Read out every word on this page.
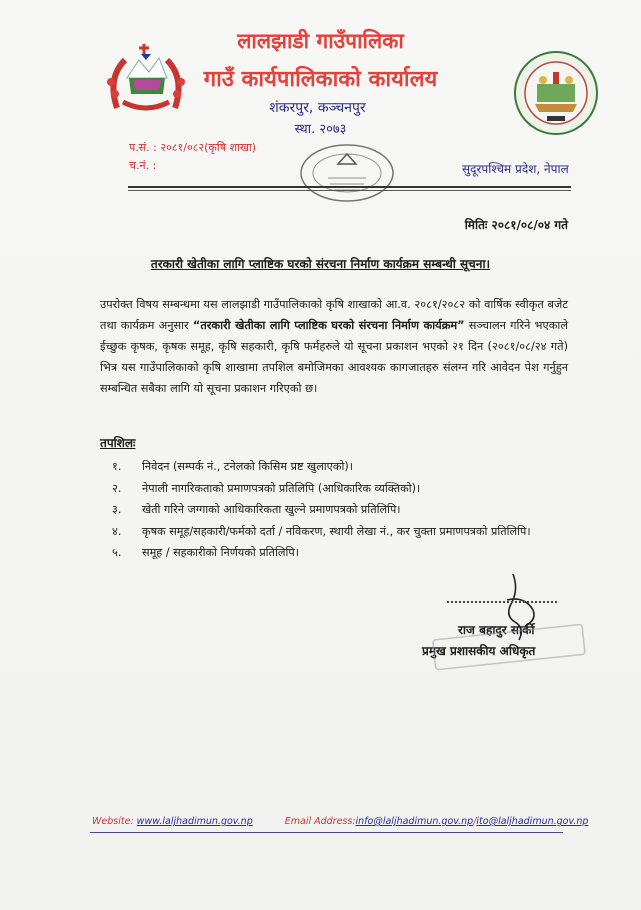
लालझाडी गाउँपालिका
गाउँ कार्यपालिकाको कार्यालय
शंकरपुर, कञ्चनपुर
स्था. २०७३
प.सं. : २०८१/०८२(कृषि शाखा)
च.नं. :	सुदूरपश्चिम प्रदेश, नेपाल
मितिः २०८१/०८/०४ गते
तरकारी खेतीका लागि प्लाष्टिक घरको संरचना निर्माण कार्यक्रम सम्बन्धी सूचना।
उपरोक्त विषय सम्बन्धमा यस लालझाडी गाउँपालिकाको कृषि शाखाको आ.व. २०८१/२०८२ को वार्षिक स्वीकृत बजेट तथा कार्यक्रम अनुसार “तरकारी खेतीका लागि प्लाष्टिक घरको संरचना निर्माण कार्यक्रम” सञ्चालन गरिने भएकाले ईच्छुक कृषक, कृषक समूह, कृषि सहकारी, कृषि फर्महरुले यो सूचना प्रकाशन भएको २१ दिन (२०८१/०८/२४ गते) भित्र यस गाउँपालिकाको कृषि शाखामा तपशिल बमोजिमका आवश्यक कागजातहरु संलग्न गरि आवेदन पेश गर्नुहुन सम्बन्धित सबैका लागि यो सूचना प्रकाशन गरिएको छ।
तपशिलः
१.	निवेदन (सम्पर्क नं., टनेलको किसिम प्रष्ट खुलाएको)।
२.	नेपाली नागरिकताको प्रमाणपत्रको प्रतिलिपि (आधिकारिक व्यक्तिको)।
३.	खेती गरिने जग्गाको आधिकारिकता खुल्ने प्रमाणपत्रको प्रतिलिपि।
४.	कृषक समूह/सहकारी/फर्मको दर्ता / नविकरण, स्थायी लेखा नं., कर चुक्ता प्रमाणपत्रको प्रतिलिपि।
५.	समूह / सहकारीको निर्णयको प्रतिलिपि।
राज बहादुर सार्की
प्रमुख प्रशासकीय अधिकृत
Website: www.laljhadimun.gov.np	Email Address:info@laljhadimun.gov.np/ito@laljhadimun.gov.np
